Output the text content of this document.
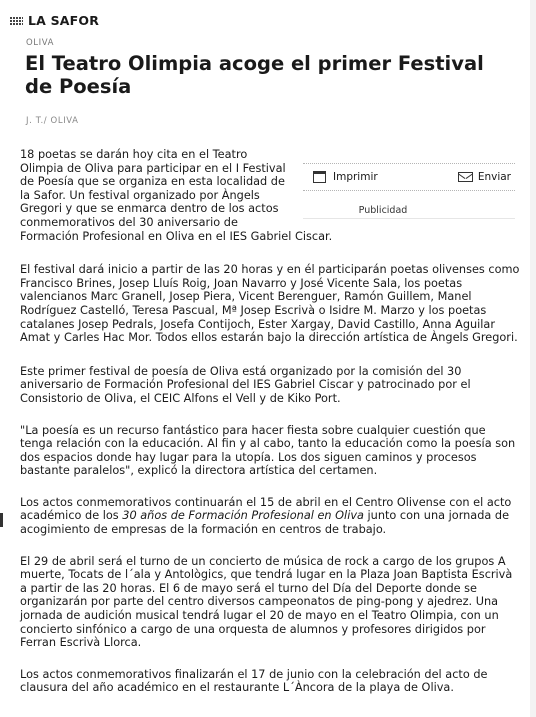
LA SAFOR
OLIVA
El Teatro Olimpia acoge el primer Festival de Poesía
J. T./ OLIVA
Imprimir	Enviar
Publicidad

18 poetas se darán hoy cita en el Teatro Olimpia de Oliva para participar en el I Festival de Poesía que se organiza en esta localidad de la Safor. Un festival organizado por Àngels Gregori y que se enmarca dentro de los actos conmemorativos del 30 aniversario de

Formación Profesional en Oliva en el IES Gabriel Ciscar.

El festival dará inicio a partir de las 20 horas y en él participarán poetas olivenses como Francisco Brines, Josep Lluís Roig, Joan Navarro y José Vicente Sala, los poetas valencianos Marc Granell, Josep Piera, Vicent Berenguer, Ramón Guillem, Manel Rodríguez Castelló, Teresa Pascual, Mª Josep Escrivà o Isidre M. Marzo y los poetas catalanes Josep Pedrals, Josefa Contijoch, Ester Xargay, David Castillo, Anna Aguilar Amat y Carles Hac Mor. Todos ellos estarán bajo la dirección artística de Àngels Gregori.

Este primer festival de poesía de Oliva está organizado por la comisión del 30 aniversario de Formación Profesional del IES Gabriel Ciscar y patrocinado por el Consistorio de Oliva, el CEIC Alfons el Vell y de Kiko Port.

"La poesía es un recurso fantástico para hacer fiesta sobre cualquier cuestión que tenga relación con la educación. Al fin y al cabo, tanto la educación como la poesía son dos espacios donde hay lugar para la utopía. Los dos siguen caminos y procesos bastante paralelos", explicó la directora artística del certamen.

Los actos conmemorativos continuarán el 15 de abril en el Centro Olivense con el acto académico de los 30 años de Formación Profesional en Oliva junto con una jornada de acogimiento de empresas de la formación en centros de trabajo.

El 29 de abril será el turno de un concierto de música de rock a cargo de los grupos A muerte, Tocats de l´ala y Antològics, que tendrá lugar en la Plaza Joan Baptista Escrivà a partir de las 20 horas. El 6 de mayo será el turno del Día del Deporte donde se organizarán por parte del centro diversos campeonatos de ping-pong y ajedrez. Una jornada de audición musical tendrá lugar el 20 de mayo en el Teatro Olimpia, con un concierto sinfónico a cargo de una orquesta de alumnos y profesores dirigidos por Ferran Escrivà Llorca.

Los actos conmemorativos finalizarán el 17 de junio con la celebración del acto de clausura del año académico en el restaurante L´Àncora de la playa de Oliva.
